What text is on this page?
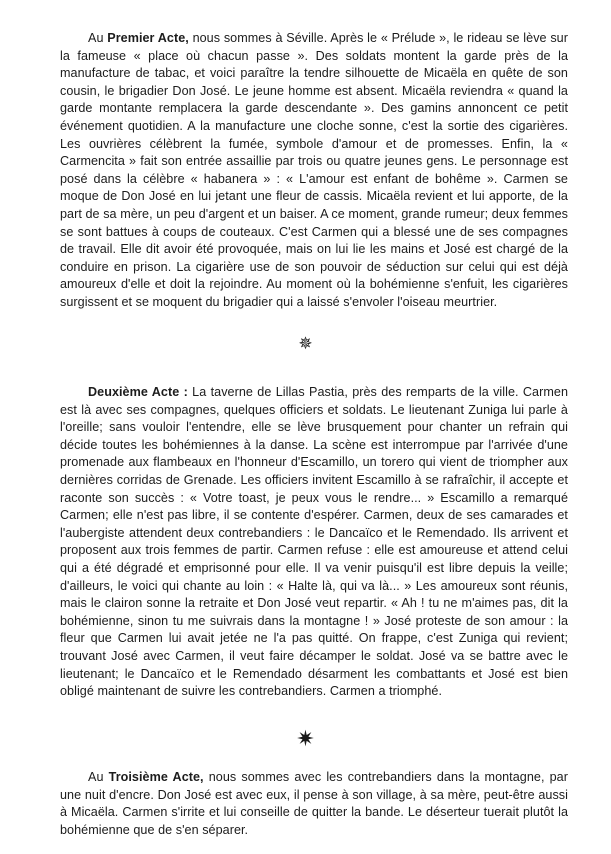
Au Premier Acte, nous sommes à Séville. Après le « Prélude », le rideau se lève sur la fameuse « place où chacun passe ». Des soldats montent la garde près de la manufacture de tabac, et voici paraître la tendre silhouette de Micaëla en quête de son cousin, le brigadier Don José. Le jeune homme est absent. Micaëla reviendra « quand la garde montante remplacera la garde descendante ». Des gamins annoncent ce petit événement quotidien. A la manufacture une cloche sonne, c'est la sortie des cigarières. Les ouvrières célèbrent la fumée, symbole d'amour et de promesses. Enfin, la « Carmencita » fait son entrée assaillie par trois ou quatre jeunes gens. Le personnage est posé dans la célèbre « habanera » : « L'amour est enfant de bohême ». Carmen se moque de Don José en lui jetant une fleur de cassis. Micaëla revient et lui apporte, de la part de sa mère, un peu d'argent et un baiser. A ce moment, grande rumeur; deux femmes se sont battues à coups de couteaux. C'est Carmen qui a blessé une de ses compagnes de travail. Elle dit avoir été provoquée, mais on lui lie les mains et José est chargé de la conduire en prison. La cigarière use de son pouvoir de séduction sur celui qui est déjà amoureux d'elle et doit la rejoindre. Au moment où la bohémienne s'enfuit, les cigarières surgissent et se moquent du brigadier qui a laissé s'envoler l'oiseau meurtrier.

✵

Deuxième Acte : La taverne de Lillas Pastia, près des remparts de la ville. Carmen est là avec ses compagnes, quelques officiers et soldats. Le lieutenant Zuniga lui parle à l'oreille; sans vouloir l'entendre, elle se lève brusquement pour chanter un refrain qui décide toutes les bohémiennes à la danse. La scène est interrompue par l'arrivée d'une promenade aux flambeaux en l'honneur d'Escamillo, un torero qui vient de triompher aux dernières corridas de Grenade. Les officiers invitent Escamillo à se rafraîchir, il accepte et raconte son succès : « Votre toast, je peux vous le rendre... » Escamillo a remarqué Carmen; elle n'est pas libre, il se contente d'espérer. Carmen, deux de ses camarades et l'aubergiste attendent deux contrebandiers : le Dancaïco et le Remendado. Ils arrivent et proposent aux trois femmes de partir. Carmen refuse : elle est amoureuse et attend celui qui a été dégradé et emprisonné pour elle. Il va venir puisqu'il est libre depuis la veille; d'ailleurs, le voici qui chante au loin : « Halte là, qui va là... » Les amoureux sont réunis, mais le clairon sonne la retraite et Don José veut repartir. « Ah ! tu ne m'aimes pas, dit la bohémienne, sinon tu me suivrais dans la montagne ! » José proteste de son amour : la fleur que Carmen lui avait jetée ne l'a pas quitté. On frappe, c'est Zuniga qui revient; trouvant José avec Carmen, il veut faire décamper le soldat. José va se battre avec le lieutenant; le Dancaïco et le Remendado désarment les combattants et José est bien obligé maintenant de suivre les contrebandiers. Carmen a triomphé.

✷

Au Troisième Acte, nous sommes avec les contrebandiers dans la montagne, par une nuit d'encre. Don José est avec eux, il pense à son village, à sa mère, peut-être aussi à Micaëla. Carmen s'irrite et lui conseille de quitter la bande. Le déserteur tuerait plutôt la bohémienne que de s'en séparer.
